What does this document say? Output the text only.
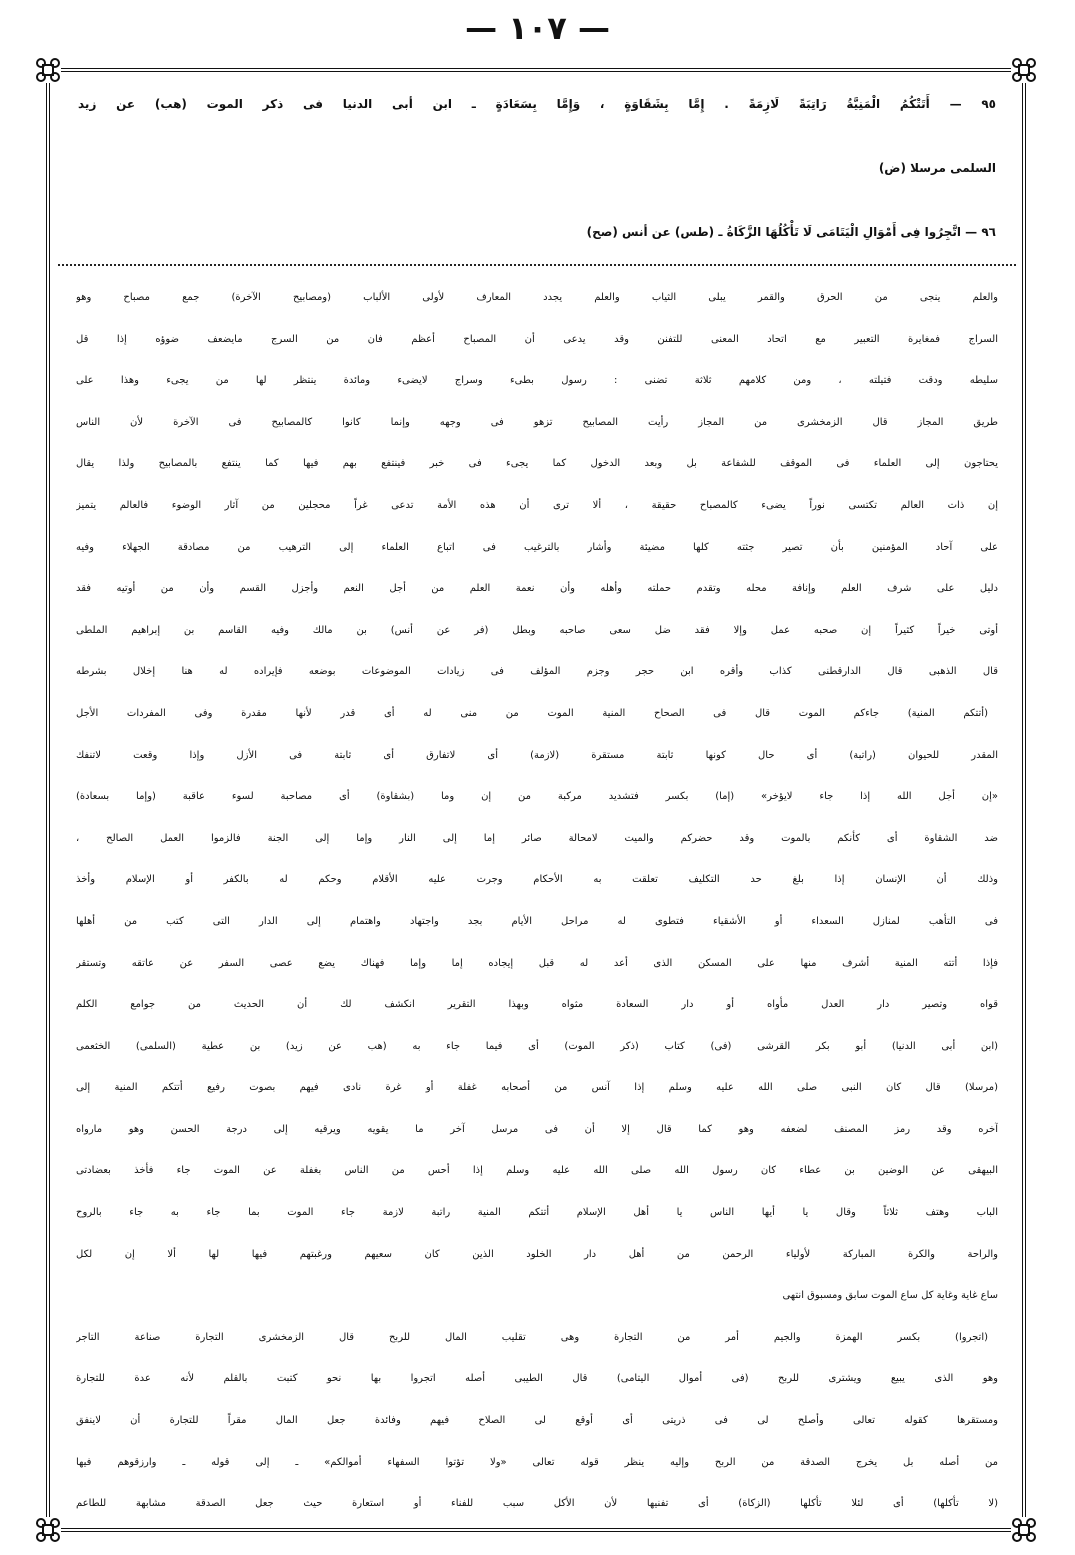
— ١٠٧ —
٩٥ — أَتَتْكُمُ الْمَنِيَّةُ رَاتِبَةً لَازِمَةً . إِمَّا بِشَقَاوَةٍ ، وَإِمَّا بِسَعَادَةٍ ـ ابن أبى الدنيا فى ذكر الموت (هب) عن زيد
السلمى مرسلا (ض)
٩٦ — اتَّجِرُوا فِى أَمْوَالِ الْيَتَامَى لَا تَأْكُلُهَا الزَّكَاةُ ـ (طس) عن أنس (صح)
والعلم ينجى من الحرق والقمر يبلى الثياب والعلم يجدد المعارف لأولى الألباب (ومصابيح الآخرة) جمع مصباح وهو
السراج فمغايرة التعبير مع اتحاد المعنى للتفنن وقد يدعى أن المصباح أعظم فان من السرج مايضعف ضوؤه إذا قل
سليطه ودقت فتيلته ، ومن كلامهم ثلاثة تضنى : رسول بطىء وسراج لايضىء ومائدة ينتظر لها من يجىء وهذا على
طريق المجاز قال الزمخشرى من المجاز رأيت المصابيح تزهو فى وجهه وإنما كانوا كالمصابيح فى الآخرة لأن الناس
يحتاجون إلى العلماء فى الموقف للشفاعة بل وبعد الدخول كما يجىء فى خبر فينتفع بهم فيها كما ينتفع بالمصابيح ولذا يقال
إن ذات العالم تكتسى نوراً يضىء كالمصباح حقيقة ، ألا ترى أن هذه الأمة تدعى غراً محجلين من آثار الوضوء فالعالم يتميز
على آحاد المؤمنين بأن تصير جثته كلها مضيئة وأشار بالترغيب فى اتباع العلماء إلى الترهيب من مصادقة الجهلاء وفيه
دليل على شرف العلم وإنافة محله وتقدم حملته وأهله وأن نعمة العلم من أجل النعم وأجزل القسم وأن من أوتيه فقد
أوتى خيراً كثيراً إن صحبه عمل وإلا فقد ضل سعى صاحبه وبطل (فر عن أنس) بن مالك وفيه القاسم بن إبراهيم الملطى
قال الذهبى قال الدارقطنى كذاب وأقره ابن حجر وجزم المؤلف فى زيادات الموضوعات بوضعه فإيراده له هنا إخلال بشرطه
(أتتكم المنية) جاءكم الموت قال فى الصحاح المنية الموت من منى له أى قدر لأنها مقدرة وفى المفردات الأجل
المقدر للحيوان (راتبة) أى حال كونها ثابتة مستقرة (لازمة) أى لاتفارق أى ثابتة فى الأزل وإذا وقعت لاتنفك
«إن أجل الله إذا جاء لايؤخر» (إما) بكسر فتشديد مركبة من إن وما (بشقاوة) أى مصاحبة لسوء عاقبة (وإما بسعادة)
ضد الشقاوة أى كأنكم بالموت وقد حضركم والميت لامحالة صائر إما إلى النار وإما إلى الجنة فالزموا العمل الصالح ،
وذلك أن الإنسان إذا بلغ حد التكليف تعلقت به الأحكام وجرت عليه الأقلام وحكم له بالكفر أو الإسلام وأخذ
فى التأهب لمنازل السعداء أو الأشقياء فتطوى له مراحل الأيام بجد واجتهاد واهتمام إلى الدار التى كتب من أهلها
فإذا أتته المنية أشرف منها على المسكن الذى أعد له قبل إيجاده إما وإما فهناك يضع عصى السفر عن عاتقه وتستقر
قواه وتصير دار العدل مأواه أو دار السعادة مثواه وبهذا التقرير انكشف لك أن الحديث من جوامع الكلم
(ابن أبى الدنيا) أبو بكر القرشى (فى) كتاب (ذكر الموت) أى فيما جاء به (هب عن زيد) بن عطية (السلمى) الخثعمى
(مرسلا) قال كان النبى صلى الله عليه وسلم إذا آنس من أصحابه غفلة أو غرة نادى فيهم بصوت رفيع أتتكم المنية إلى
آخره وقد رمز المصنف لضعفه وهو كما قال إلا أن فى مرسل آخر ما يقويه ويرقيه إلى درجة الحسن وهو مارواه
البيهقى عن الوضين بن عطاء كان رسول الله صلى الله عليه وسلم إذا أحس من الناس بغفلة عن الموت جاء فأخذ بعضادتى
الباب وهتف ثلاثاً وقال يا أيها الناس يا أهل الإسلام أتتكم المنية راتبة لازمة جاء الموت بما جاء به جاء بالروح
والراحة والكرة المباركة لأولياء الرحمن من أهل دار الخلود الذين كان سعيهم ورغبتهم فيها لها ألا إن لكل
ساع غاية وغاية كل ساع الموت سابق ومسبوق انتهى
(اتجروا) بكسر الهمزة والجيم أمر من التجارة وهى تقليب المال للربح قال الزمخشرى التجارة صناعة التاجر
وهو الذى يبيع ويشترى للربح (فى أموال اليتامى) قال الطيبى أصله اتجروا بها نحو كتبت بالقلم لأنه عدة للتجارة
ومستقرها كقوله تعالى وأصلح لى فى ذريتى أى أوقع لى الصلاح فيهم وفائدة جعل المال مقراً للتجارة أن لاينفق
من أصله بل يخرج الصدقة من الربح وإليه ينظر قوله تعالى «ولا تؤتوا السفهاء أموالكم» ـ إلى قوله ـ وارزقوهم فيها
(لا تأكلها) أى لئلا تأكلها (الزكاة) أى تفنيها لأن الأكل سبب للفناء أو استعارة حيث جعل الصدقة مشابهة للطاعم
